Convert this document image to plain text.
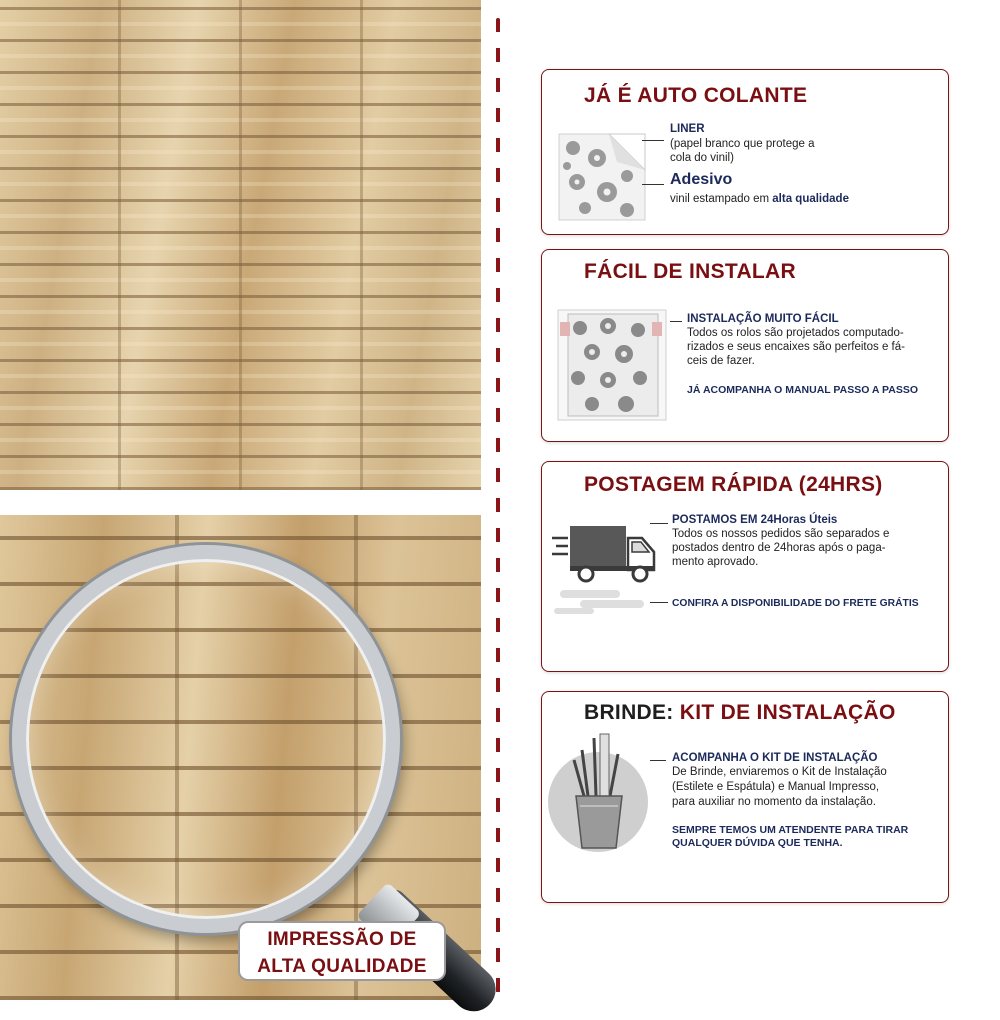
IMPRESSÃO DE
ALTA QUALIDADE
JÁ É AUTO COLANTE
LINER
(papel branco que protege a
cola do vinil)
Adesivo
vinil estampado em alta qualidade
FÁCIL DE INSTALAR
INSTALAÇÃO MUITO FÁCIL
Todos os rolos são projetados computado-
rizados e seus encaixes são perfeitos e fá-
ceis de fazer.
JÁ ACOMPANHA O MANUAL PASSO A PASSO
POSTAGEM RÁPIDA (24HRS)
POSTAMOS EM 24Horas Úteis
Todos os nossos pedidos são separados e
postados dentro de 24horas após o paga-
mento aprovado.
CONFIRA A DISPONIBILIDADE DO FRETE GRÁTIS
BRINDE: KIT DE INSTALAÇÃO
ACOMPANHA O KIT DE INSTALAÇÃO
De Brinde, enviaremos o Kit de Instalação
(Estilete e Espátula) e Manual Impresso,
para auxiliar no momento da instalação.
SEMPRE TEMOS UM ATENDENTE PARA TIRAR
QUALQUER DÚVIDA QUE TENHA.
